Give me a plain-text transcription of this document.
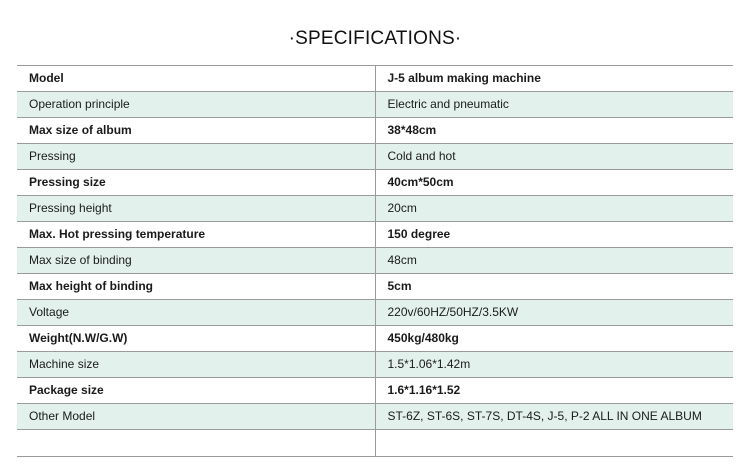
·SPECIFICATIONS·
Model	J-5 album making machine
Operation principle	Electric and pneumatic
Max size of album	38*48cm
Pressing	Cold and hot
Pressing size	40cm*50cm
Pressing height	20cm
Max. Hot pressing temperature	150 degree
Max size of binding	48cm
Max height of binding	5cm
Voltage	220v/60HZ/50HZ/3.5KW
Weight(N.W/G.W)	450kg/480kg
Machine size	1.5*1.06*1.42m
Package size	1.6*1.16*1.52
Other Model	ST-6Z, ST-6S, ST-7S, DT-4S, J-5, P-2 ALL IN ONE ALBUM
